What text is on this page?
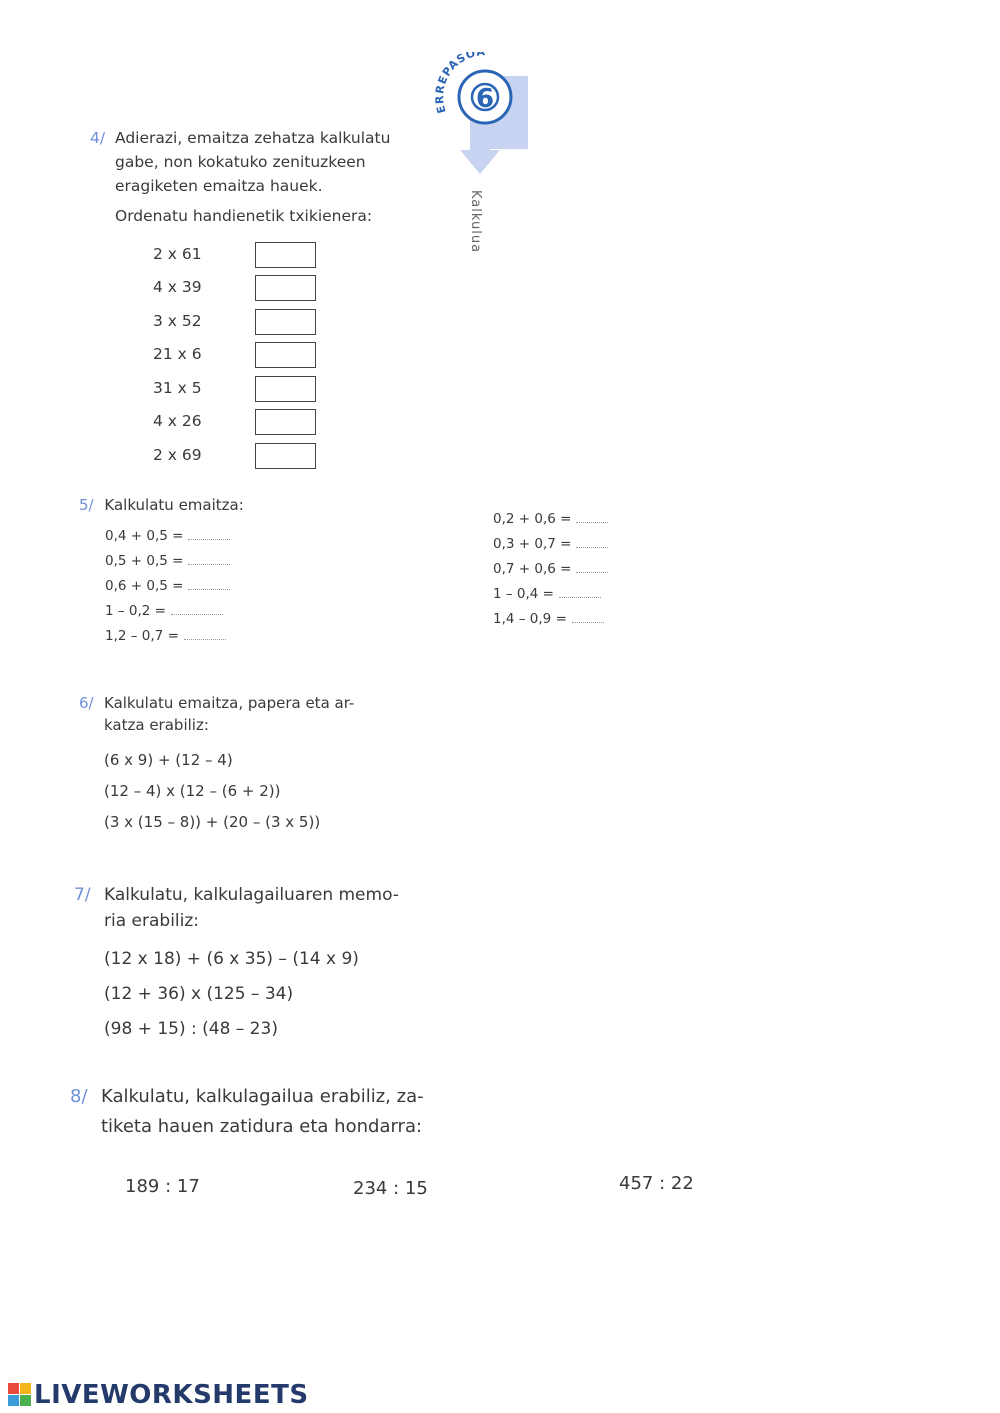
6
ERREPASO
Kalkulua
4/ Adierazi, emaitza zehatza kalkulatu
gabe, non kokatuko zenituzkeen
eragiketen emaitza hauek.
Ordenatu handienetik txikienera:
2 x 61
4 x 39
3 x 52
21 x 6
31 x 5
4 x 26
2 x 69
5/ Kalkulatu emaitza:
0,4 + 0,5 =
0,5 + 0,5 =
0,6 + 0,5 =
1 – 0,2 =
1,2 – 0,7 =
0,2 + 0,6 =
0,3 + 0,7 =
0,7 + 0,6 =
1 – 0,4 =
1,4 – 0,9 =
6/ Kalkulatu emaitza, papera eta ar-
katza erabiliz:
(6 x 9) + (12 – 4)
(12 – 4) x (12 – (6 + 2))
(3 x (15 – 8)) + (20 – (3 x 5))
7/ Kalkulatu, kalkulagailuaren memo-
ria erabiliz:
(12 x 18) + (6 x 35) – (14 x 9)
(12 + 36) x (125 – 34)
(98 + 15) : (48 – 23)
8/ Kalkulatu, kalkulagailua erabiliz, za-
tiketa hauen zatidura eta hondarra:
189 : 17	234 : 15	457 : 22
LIVEWORKSHEETS
